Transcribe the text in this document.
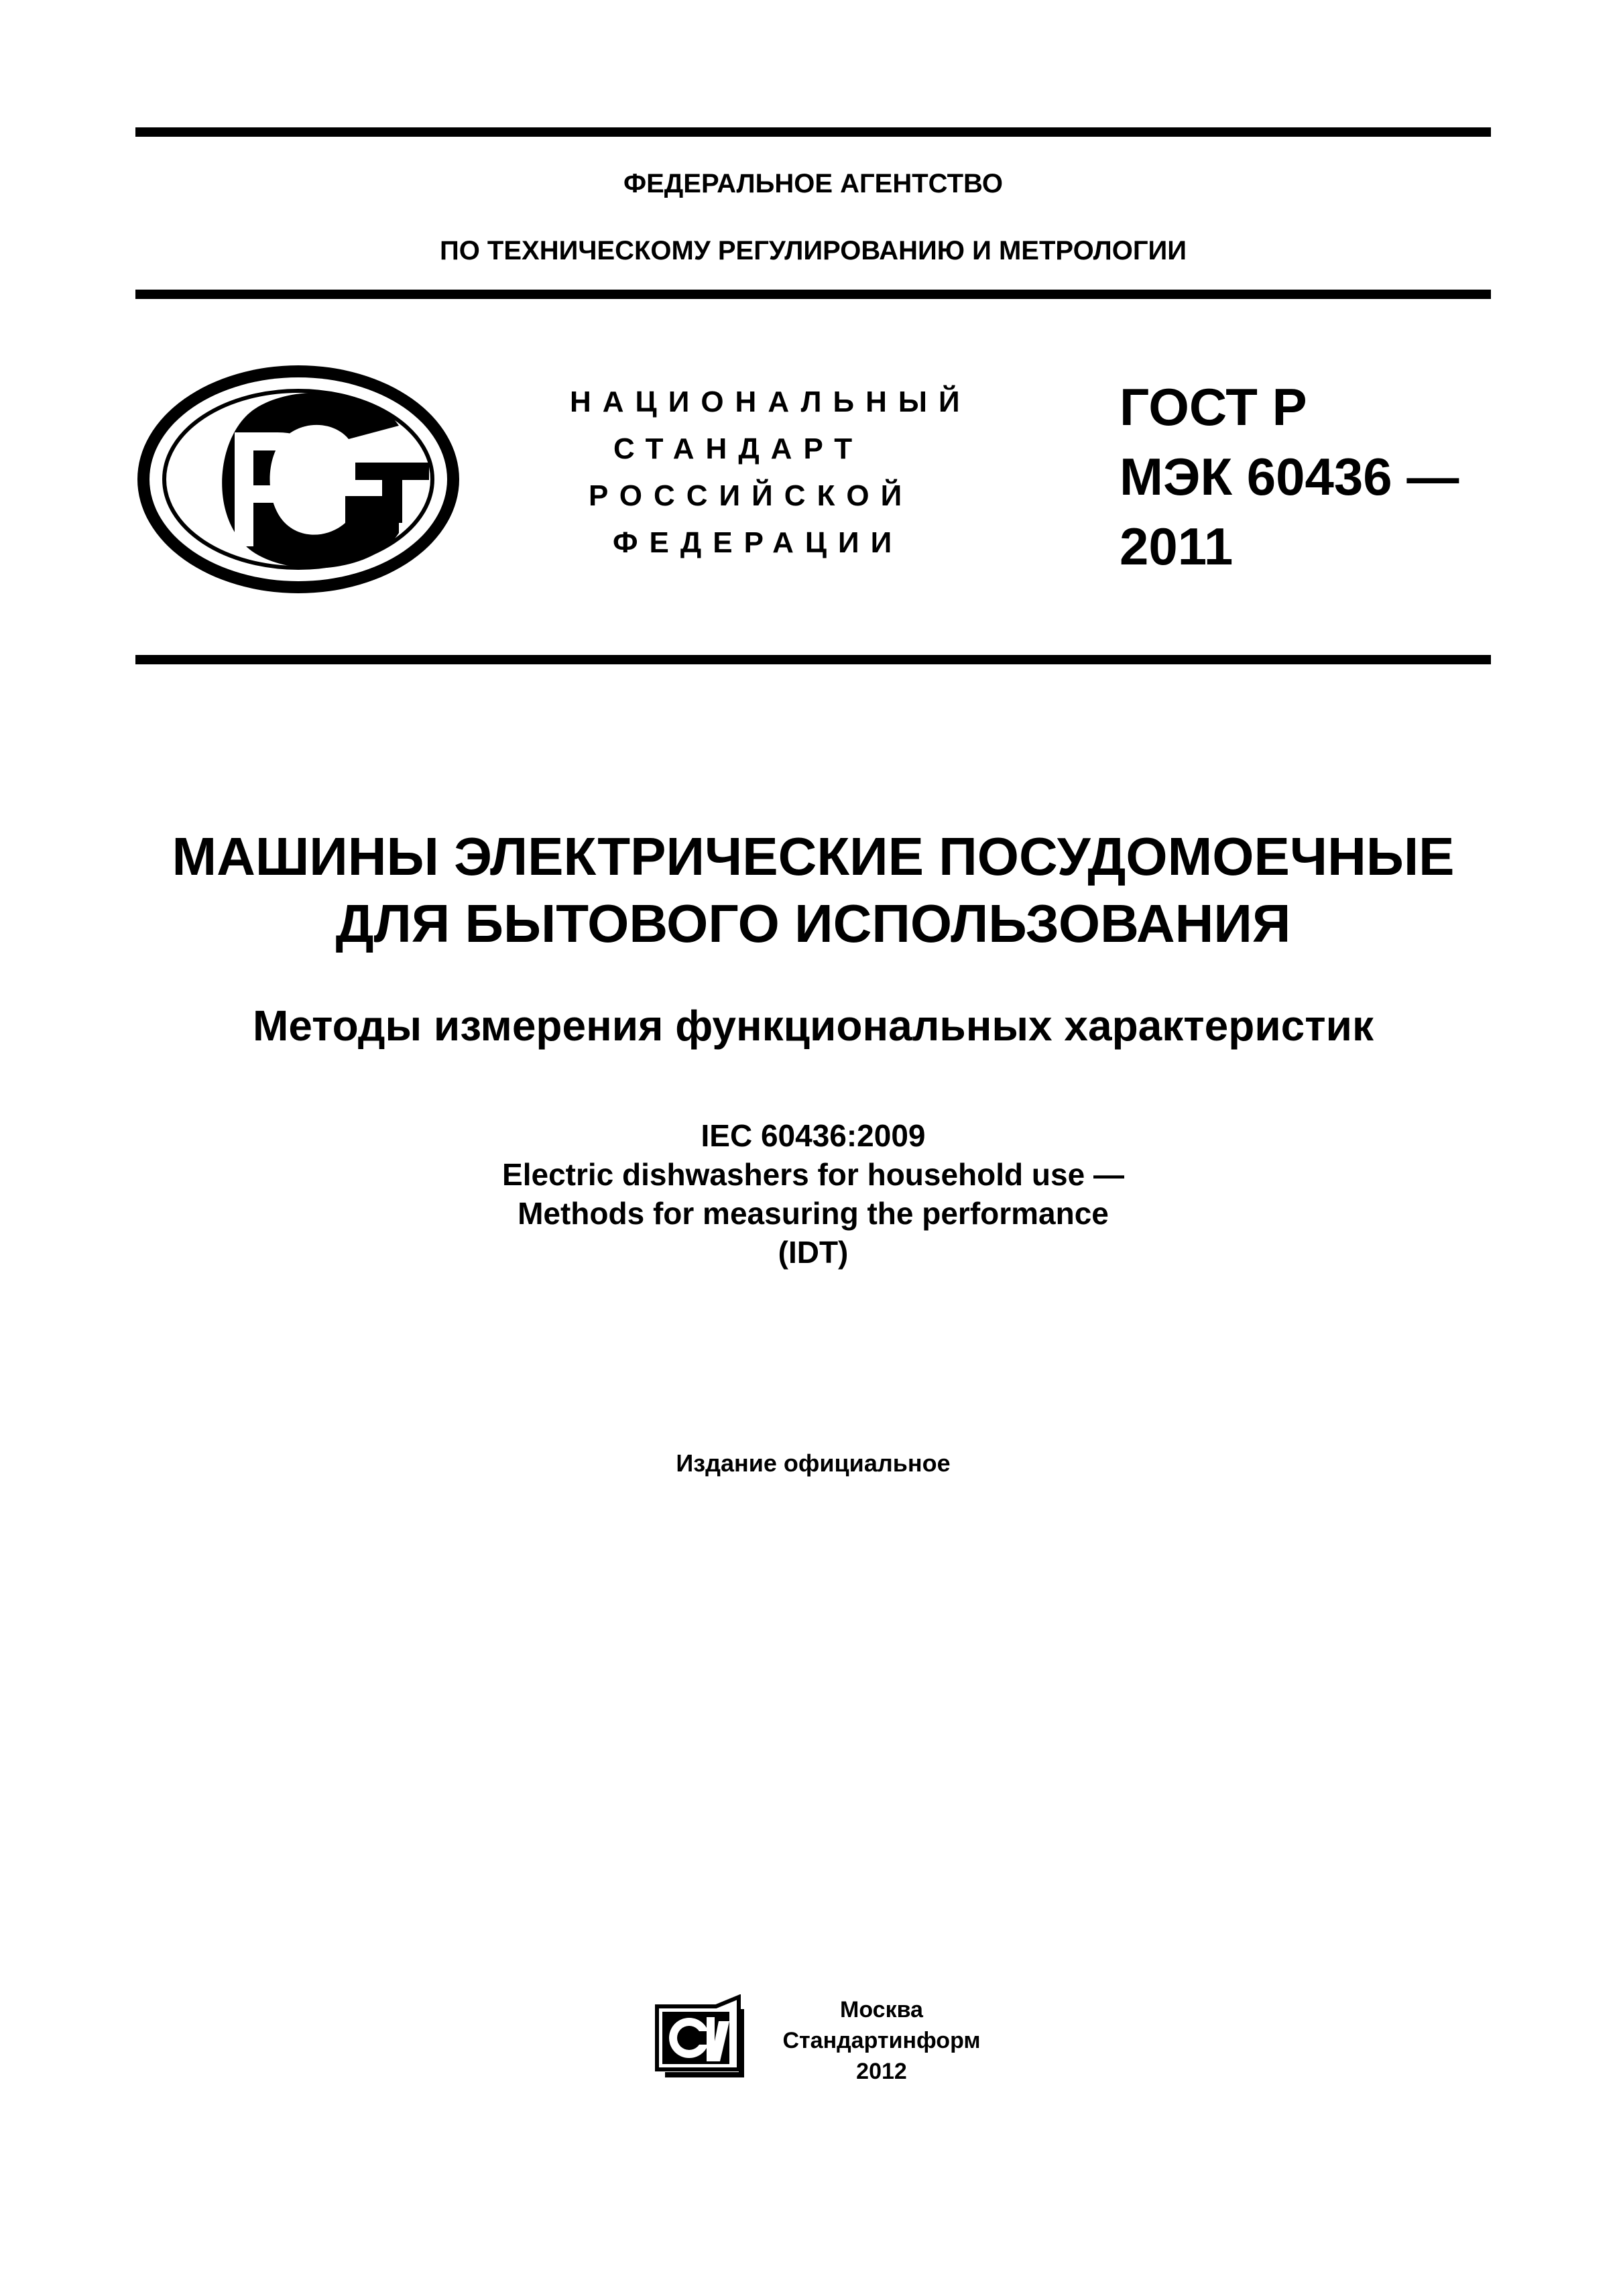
ФЕДЕРАЛЬНОЕ АГЕНТСТВО
ПО ТЕХНИЧЕСКОМУ РЕГУЛИРОВАНИЮ И МЕТРОЛОГИИ
НАЦИОНАЛЬНЫЙ
СТАНДАРТ
РОССИЙСКОЙ
ФЕДЕРАЦИИ
ГОСТ Р
МЭК 60436 —
2011
МАШИНЫ ЭЛЕКТРИЧЕСКИЕ ПОСУДОМОЕЧНЫЕ
ДЛЯ БЫТОВОГО ИСПОЛЬЗОВАНИЯ
Методы измерения функциональных характеристик
IEC 60436:2009
Electric dishwashers for household use —
Methods for measuring the performance
(IDT)
Издание официальное
Москва
Стандартинформ
2012
